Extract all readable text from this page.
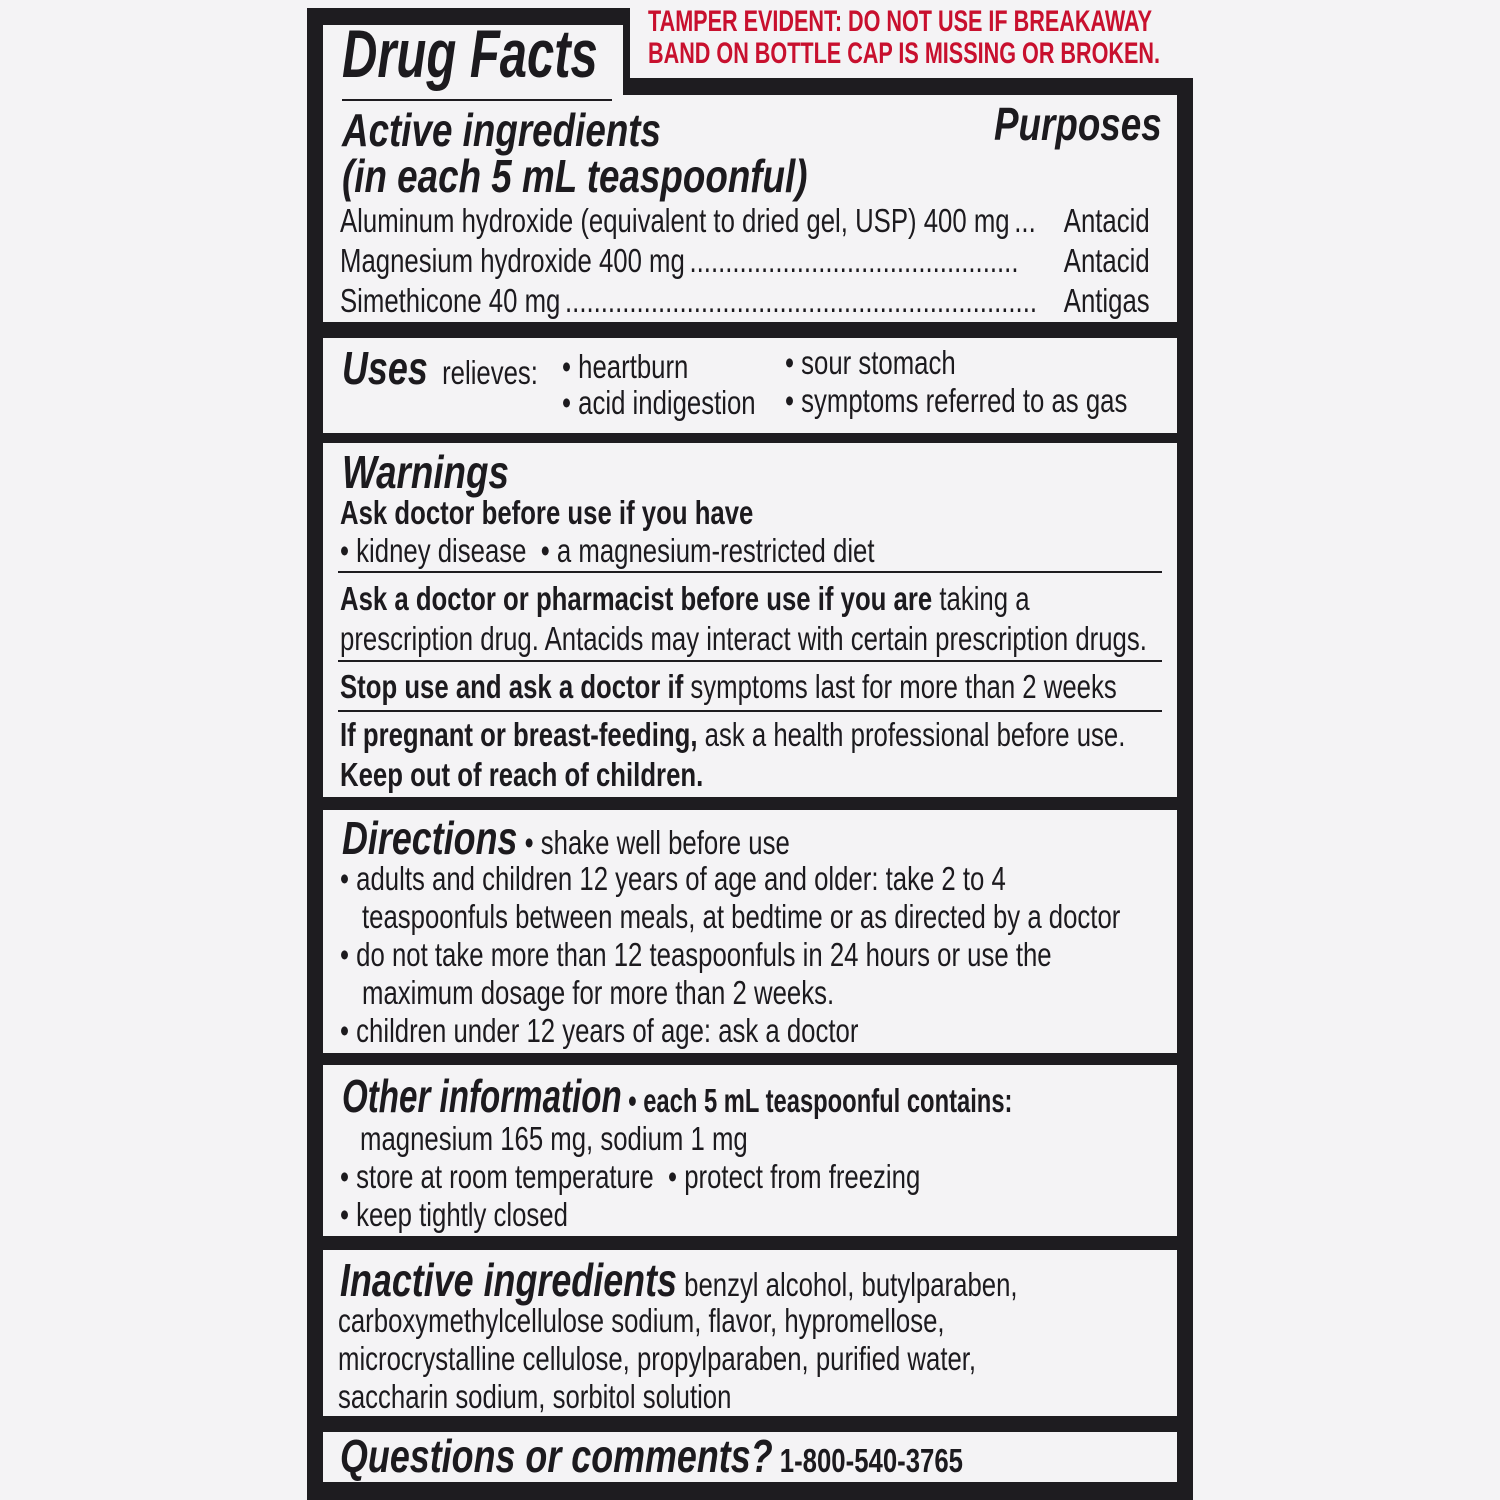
TAMPER EVIDENT: DO NOT USE IF BREAKAWAY
BAND ON BOTTLE CAP IS MISSING OR BROKEN.
Drug Facts
Active ingredients	Purposes
(in each 5 mL teaspoonful)
Aluminum hydroxide (equivalent to dried gel, USP) 400 mg ... Antacid
Magnesium hydroxide 400 mg ..............................................	Antacid
Simethicone 40 mg .................................................................. Antigas
Uses relieves: • heartburn	• sour stomach
• acid indigestion • symptoms referred to as gas
Warnings
Ask doctor before use if you have
• kidney disease • a magnesium-restricted diet
Ask a doctor or pharmacist before use if you are taking a
prescription drug. Antacids may interact with certain prescription drugs.
Stop use and ask a doctor if symptoms last for more than 2 weeks
If pregnant or breast-feeding, ask a health professional before use.
Keep out of reach of children.
Directions • shake well before use
• adults and children 12 years of age and older: take 2 to 4
teaspoonfuls between meals, at bedtime or as directed by a doctor
• do not take more than 12 teaspoonfuls in 24 hours or use the
maximum dosage for more than 2 weeks.
• children under 12 years of age: ask a doctor
Other information • each 5 mL teaspoonful contains:
magnesium 165 mg, sodium 1 mg
• store at room temperature • protect from freezing
• keep tightly closed
Inactive ingredients benzyl alcohol, butylparaben,
carboxymethylcellulose sodium, flavor, hypromellose,
microcrystalline cellulose, propylparaben, purified water,
saccharin sodium, sorbitol solution
Questions or comments? 1-800-540-3765
